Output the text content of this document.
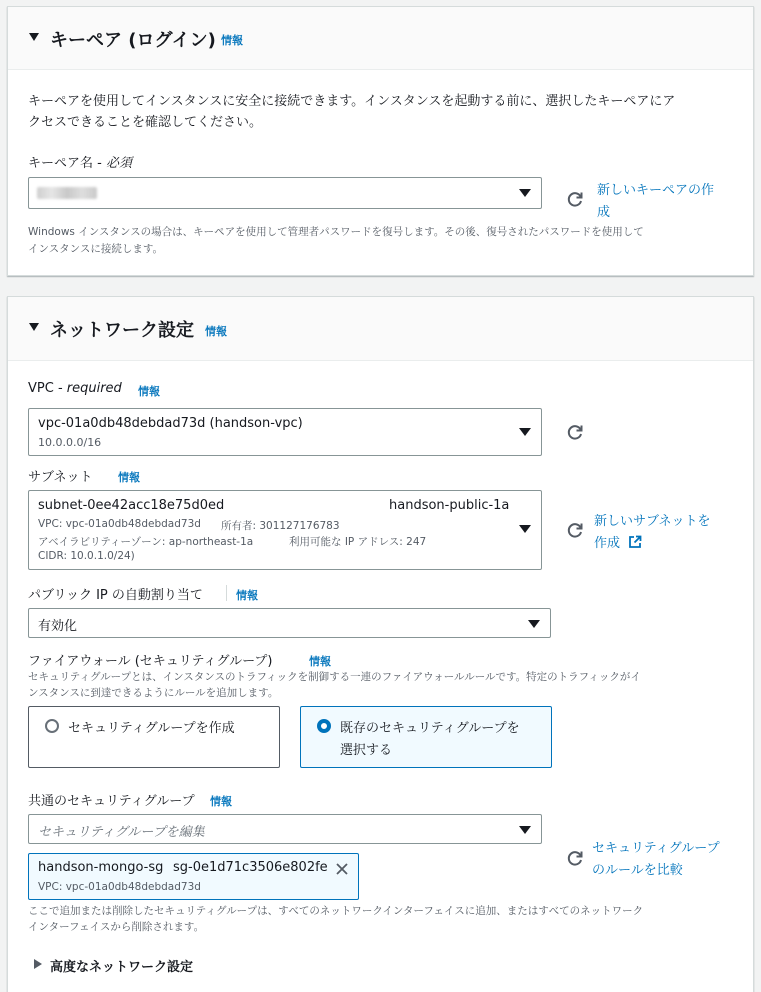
キーペア (ログイン) 情報
キーペアを使用してインスタンスに安全に接続できます。インスタンスを起動する前に、選択したキーペアにア
クセスできることを確認してください。
キーペア名 - 必須
新しいキーペアの作
成
Windows インスタンスの場合は、キーペアを使用して管理者パスワードを復号します。その後、復号されたパスワードを使用して
インスタンスに接続します。
ネットワーク設定 情報
VPC - required 情報
vpc-01a0db48debdad73d (handson-vpc)
10.0.0.0/16
サブネット 情報
subnet-0ee42acc18e75d0ed	handson-public-1a
VPC: vpc-01a0db48debdad73d 所有者: 301127176783
アベイラビリティーゾーン: ap-northeast-1a	利用可能な IP アドレス: 247
CIDR: 10.0.1.0/24)
新しいサブネットを
作成
パブリック IP の自動割り当て	情報
有効化
ファイアウォール (セキュリティグループ)	情報
セキュリティグループとは、インスタンスのトラフィックを制御する一連のファイアウォールルールです。特定のトラフィックがイ
ンスタンスに到達できるようにルールを追加します。
セキュリティグループを作成	既存のセキュリティグループを
選択する
共通のセキュリティグループ 情報
セキュリティグループを編集
セキュリティグループ
のルールを比較
handson-mongo-sg sg-0e1d71c3506e802fe
VPC: vpc-01a0db48debdad73d
ここで追加または削除したセキュリティグループは、すべてのネットワークインターフェイスに追加、またはすべてのネットワーク
インターフェイスから削除されます。
高度なネットワーク設定
